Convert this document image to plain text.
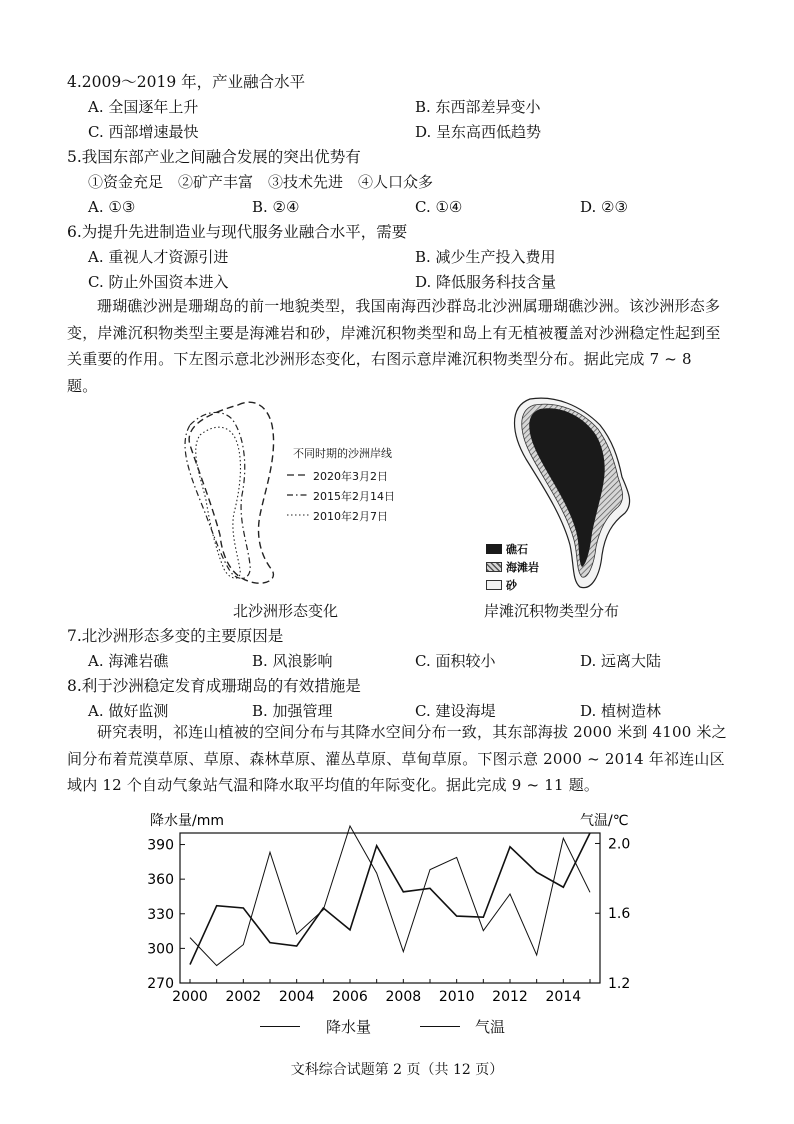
4.2009～2019 年，产业融合水平
A. 全国逐年上升	B. 东西部差异变小
C. 西部增速最快	D. 呈东高西低趋势
5.我国东部产业之间融合发展的突出优势有
①资金充足　②矿产丰富　③技术先进　④人口众多
A. ①③	B. ②④	C. ①④	D. ②③
6.为提升先进制造业与现代服务业融合水平，需要
A. 重视人才资源引进	B. 减少生产投入费用
C. 防止外国资本进入	D. 降低服务科技含量
珊瑚礁沙洲是珊瑚岛的前一地貌类型，我国南海西沙群岛北沙洲属珊瑚礁沙洲。该沙洲形态多变，岸滩沉积物类型主要是海滩岩和砂，岸滩沉积物类型和岛上有无植被覆盖对沙洲稳定性起到至关重要的作用。下左图示意北沙洲形态变化，右图示意岸滩沉积物类型分布。据此完成 7 ~ 8 题。
不同时期的沙洲岸线
2020年3月2日
2015年2月14日
2010年2月7日
北沙洲形态变化
礁石
海滩岩
砂
岸滩沉积物类型分布
7.北沙洲形态多变的主要原因是
A. 海滩岩礁	B. 风浪影响	C. 面积较小	D. 远离大陆
8.利于沙洲稳定发育成珊瑚岛的有效措施是
A. 做好监测	B. 加强管理	C. 建设海堤	D. 植树造林
研究表明，祁连山植被的空间分布与其降水空间分布一致，其东部海拔 2000 米到 4100 米之间分布着荒漠草原、草原、森林草原、灌丛草原、草甸草原。下图示意 2000 ~ 2014 年祁连山区域内 12 个自动气象站气温和降水取平均值的年际变化。据此完成 9 ~ 11 题。
降水量/mm	气温/℃
270
300
330
360
390
1.2
1.6
2.0
2000 2002 2004 2006 2008 2010 2012 2014
降水量	气温
文科综合试题第 2 页（共 12 页）
